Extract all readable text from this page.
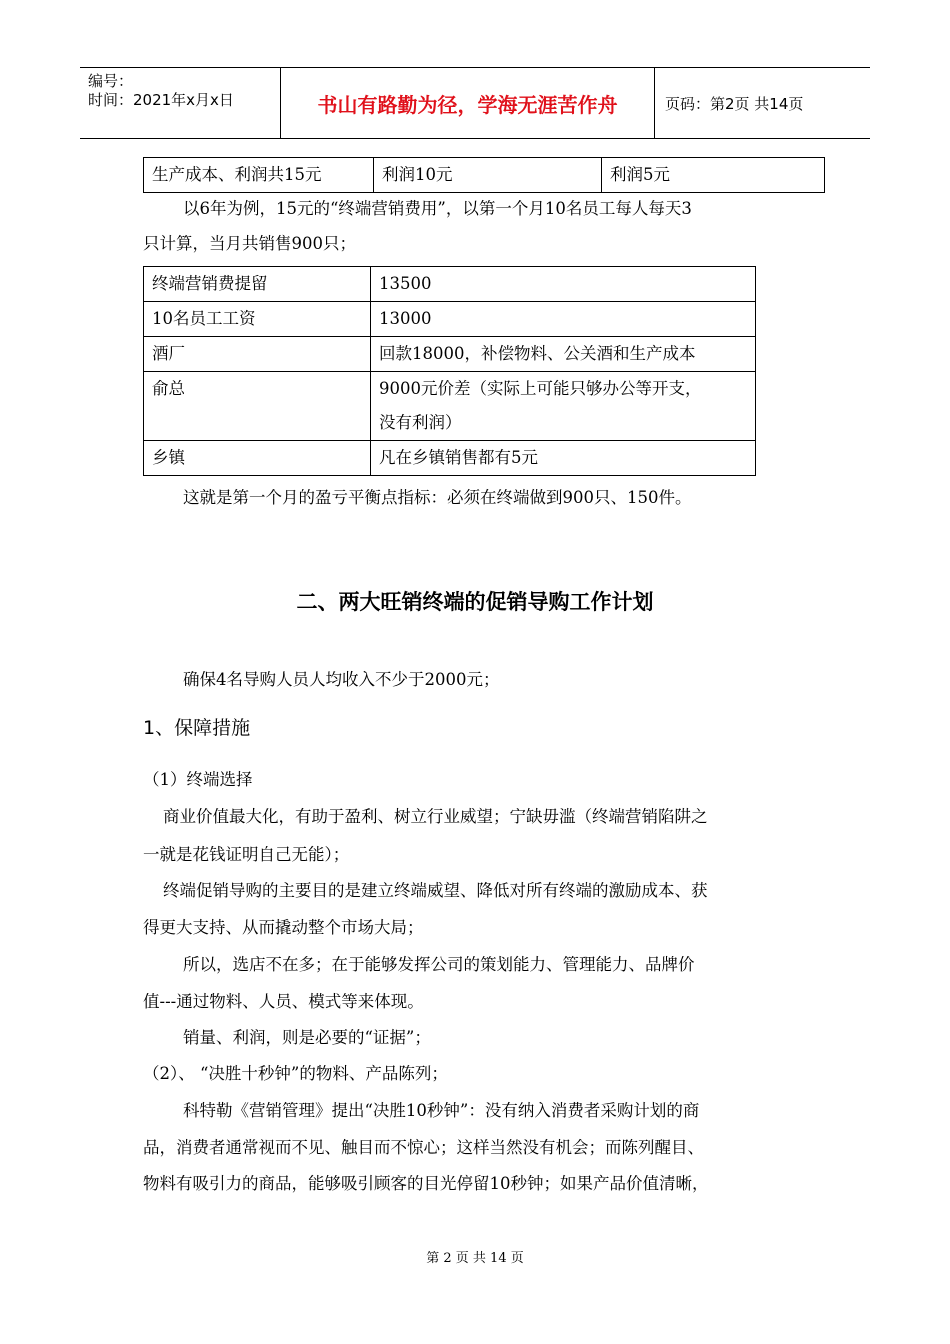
编号：
时间：2021年x月x日	书山有路勤为径，学海无涯苦作舟	页码：第2页 共14页
生产成本、利润共15元	利润10元	利润5元
以6年为例，15元的“终端营销费用”，以第一个月10名员工每人每天3
只计算，当月共销售900只；
终端营销费提留	13500
10名员工工资	13000
酒厂	回款18000，补偿物料、公关酒和生产成本
俞总	9000元价差（实际上可能只够办公等开支，
没有利润）

乡镇	凡在乡镇销售都有5元
这就是第一个月的盈亏平衡点指标：必须在终端做到900只、150件。
二、两大旺销终端的促销导购工作计划
确保4名导购人员人均收入不少于2000元；
1、保障措施
（1）终端选择
商业价值最大化，有助于盈利、树立行业威望；宁缺毋滥（终端营销陷阱之
一就是花钱证明自己无能）；
终端促销导购的主要目的是建立终端威望、降低对所有终端的激励成本、获
得更大支持、从而撬动整个市场大局；
所以，选店不在多；在于能够发挥公司的策划能力、管理能力、品牌价
值---通过物料、人员、模式等来体现。
销量、利润，则是必要的“证据”；
（2）、 “决胜十秒钟”的物料、产品陈列；
科特勒《营销管理》提出“决胜10秒钟”：没有纳入消费者采购计划的商
品，消费者通常视而不见、触目而不惊心；这样当然没有机会；而陈列醒目、
物料有吸引力的商品，能够吸引顾客的目光停留10秒钟；如果产品价值清晰，
第 2 页 共 14 页
